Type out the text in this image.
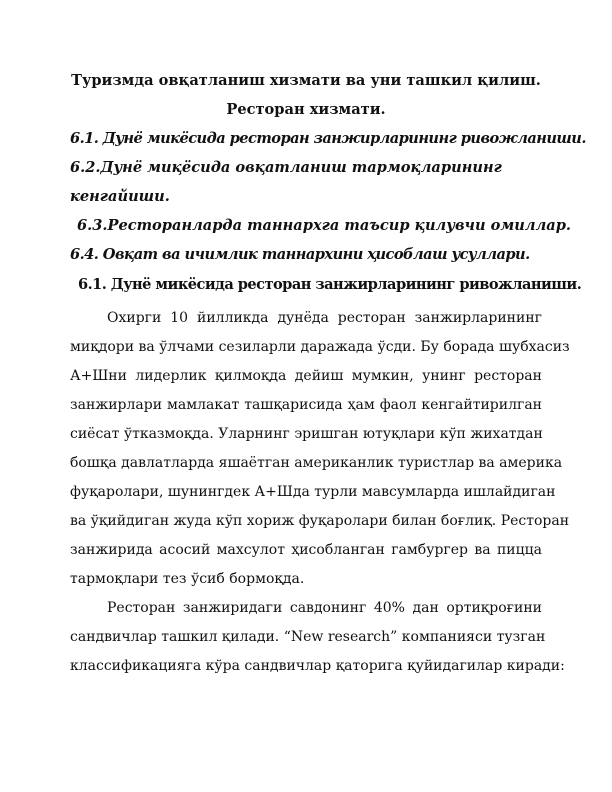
Туризмда овқатланиш хизмати ва уни ташкил қилиш.
Ресторан хизмати.
6.1. Дунё микёсида ресторан занжирларининг ривожланиши.
6.2.Дунё миқёсида овқатланиш тармоқларининг
кенгайиши.
6.3.Ресторанларда таннархга таъсир қилувчи омиллар.
6.4. Овқат ва ичимлик таннархини ҳисоблаш усуллари.
6.1. Дунё микёсида ресторан занжирларининг ривожланиши.
Охирги 10 йилликда дунёда ресторан занжирларининг
миқдори ва ўлчами сезиларли даражада ўсди. Бу борада шубхасиз
А+Шни лидерлик қилмоқда дейиш мумкин, унинг ресторан
занжирлари мамлакат ташқарисида ҳам фаол кенгайтирилган
сиёсат ўтказмоқда. Уларнинг эришган ютуқлари кўп жихатдан
бошқа давлатларда яшаётган американлик туристлар ва америка
фуқаролари, шунингдек А+Шда турли мавсумларда ишлайдиган
ва ўқийдиган жуда кўп хориж фуқаролари билан боғлиқ. Ресторан
занжирида асосий махсулот ҳисобланган гамбургер ва пицца
тармоқлари тез ўсиб бормоқда.
Ресторан занжиридаги савдонинг 40% дан ортиқроғини
сандвичлар ташкил қилади. “New research” компанияси тузган
классификацияга кўра сандвичлар қаторига қуйидагилар киради:
